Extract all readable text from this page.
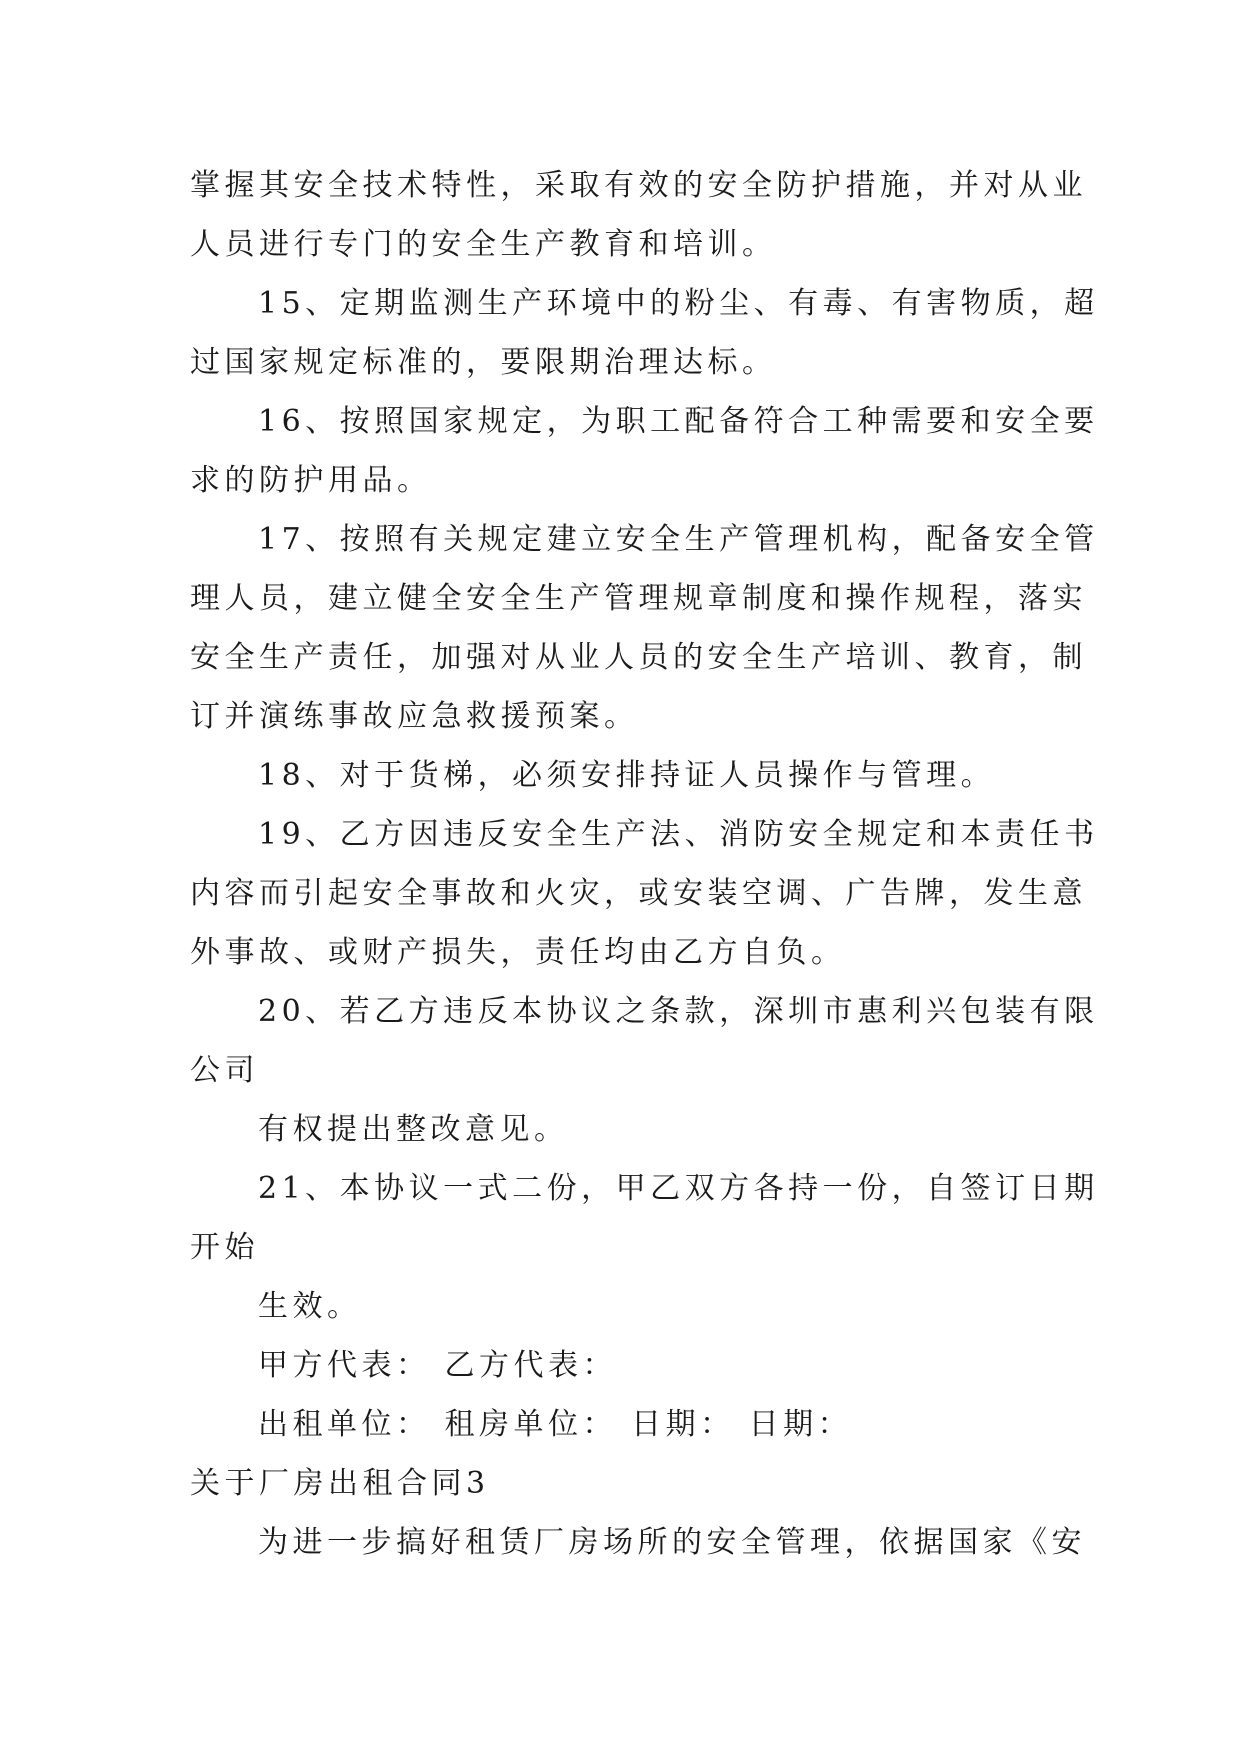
掌握其安全技术特性，采取有效的安全防护措施，并对从业
人员进行专门的安全生产教育和培训。
15、定期监测生产环境中的粉尘、有毒、有害物质，超
过国家规定标准的，要限期治理达标。
16、按照国家规定，为职工配备符合工种需要和安全要
求的防护用品。
17、按照有关规定建立安全生产管理机构，配备安全管
理人员，建立健全安全生产管理规章制度和操作规程，落实
安全生产责任，加强对从业人员的安全生产培训、教育，制
订并演练事故应急救援预案。
18、对于货梯，必须安排持证人员操作与管理。
19、乙方因违反安全生产法、消防安全规定和本责任书
内容而引起安全事故和火灾，或安装空调、广告牌，发生意
外事故、或财产损失，责任均由乙方自负。
20、若乙方违反本协议之条款，深圳市惠利兴包装有限
公司
有权提出整改意见。
21、本协议一式二份，甲乙双方各持一份，自签订日期
开始
生效。
甲方代表： 乙方代表：
出租单位： 租房单位： 日期： 日期：
关于厂房出租合同3
为进一步搞好租赁厂房场所的安全管理，依据国家《安
